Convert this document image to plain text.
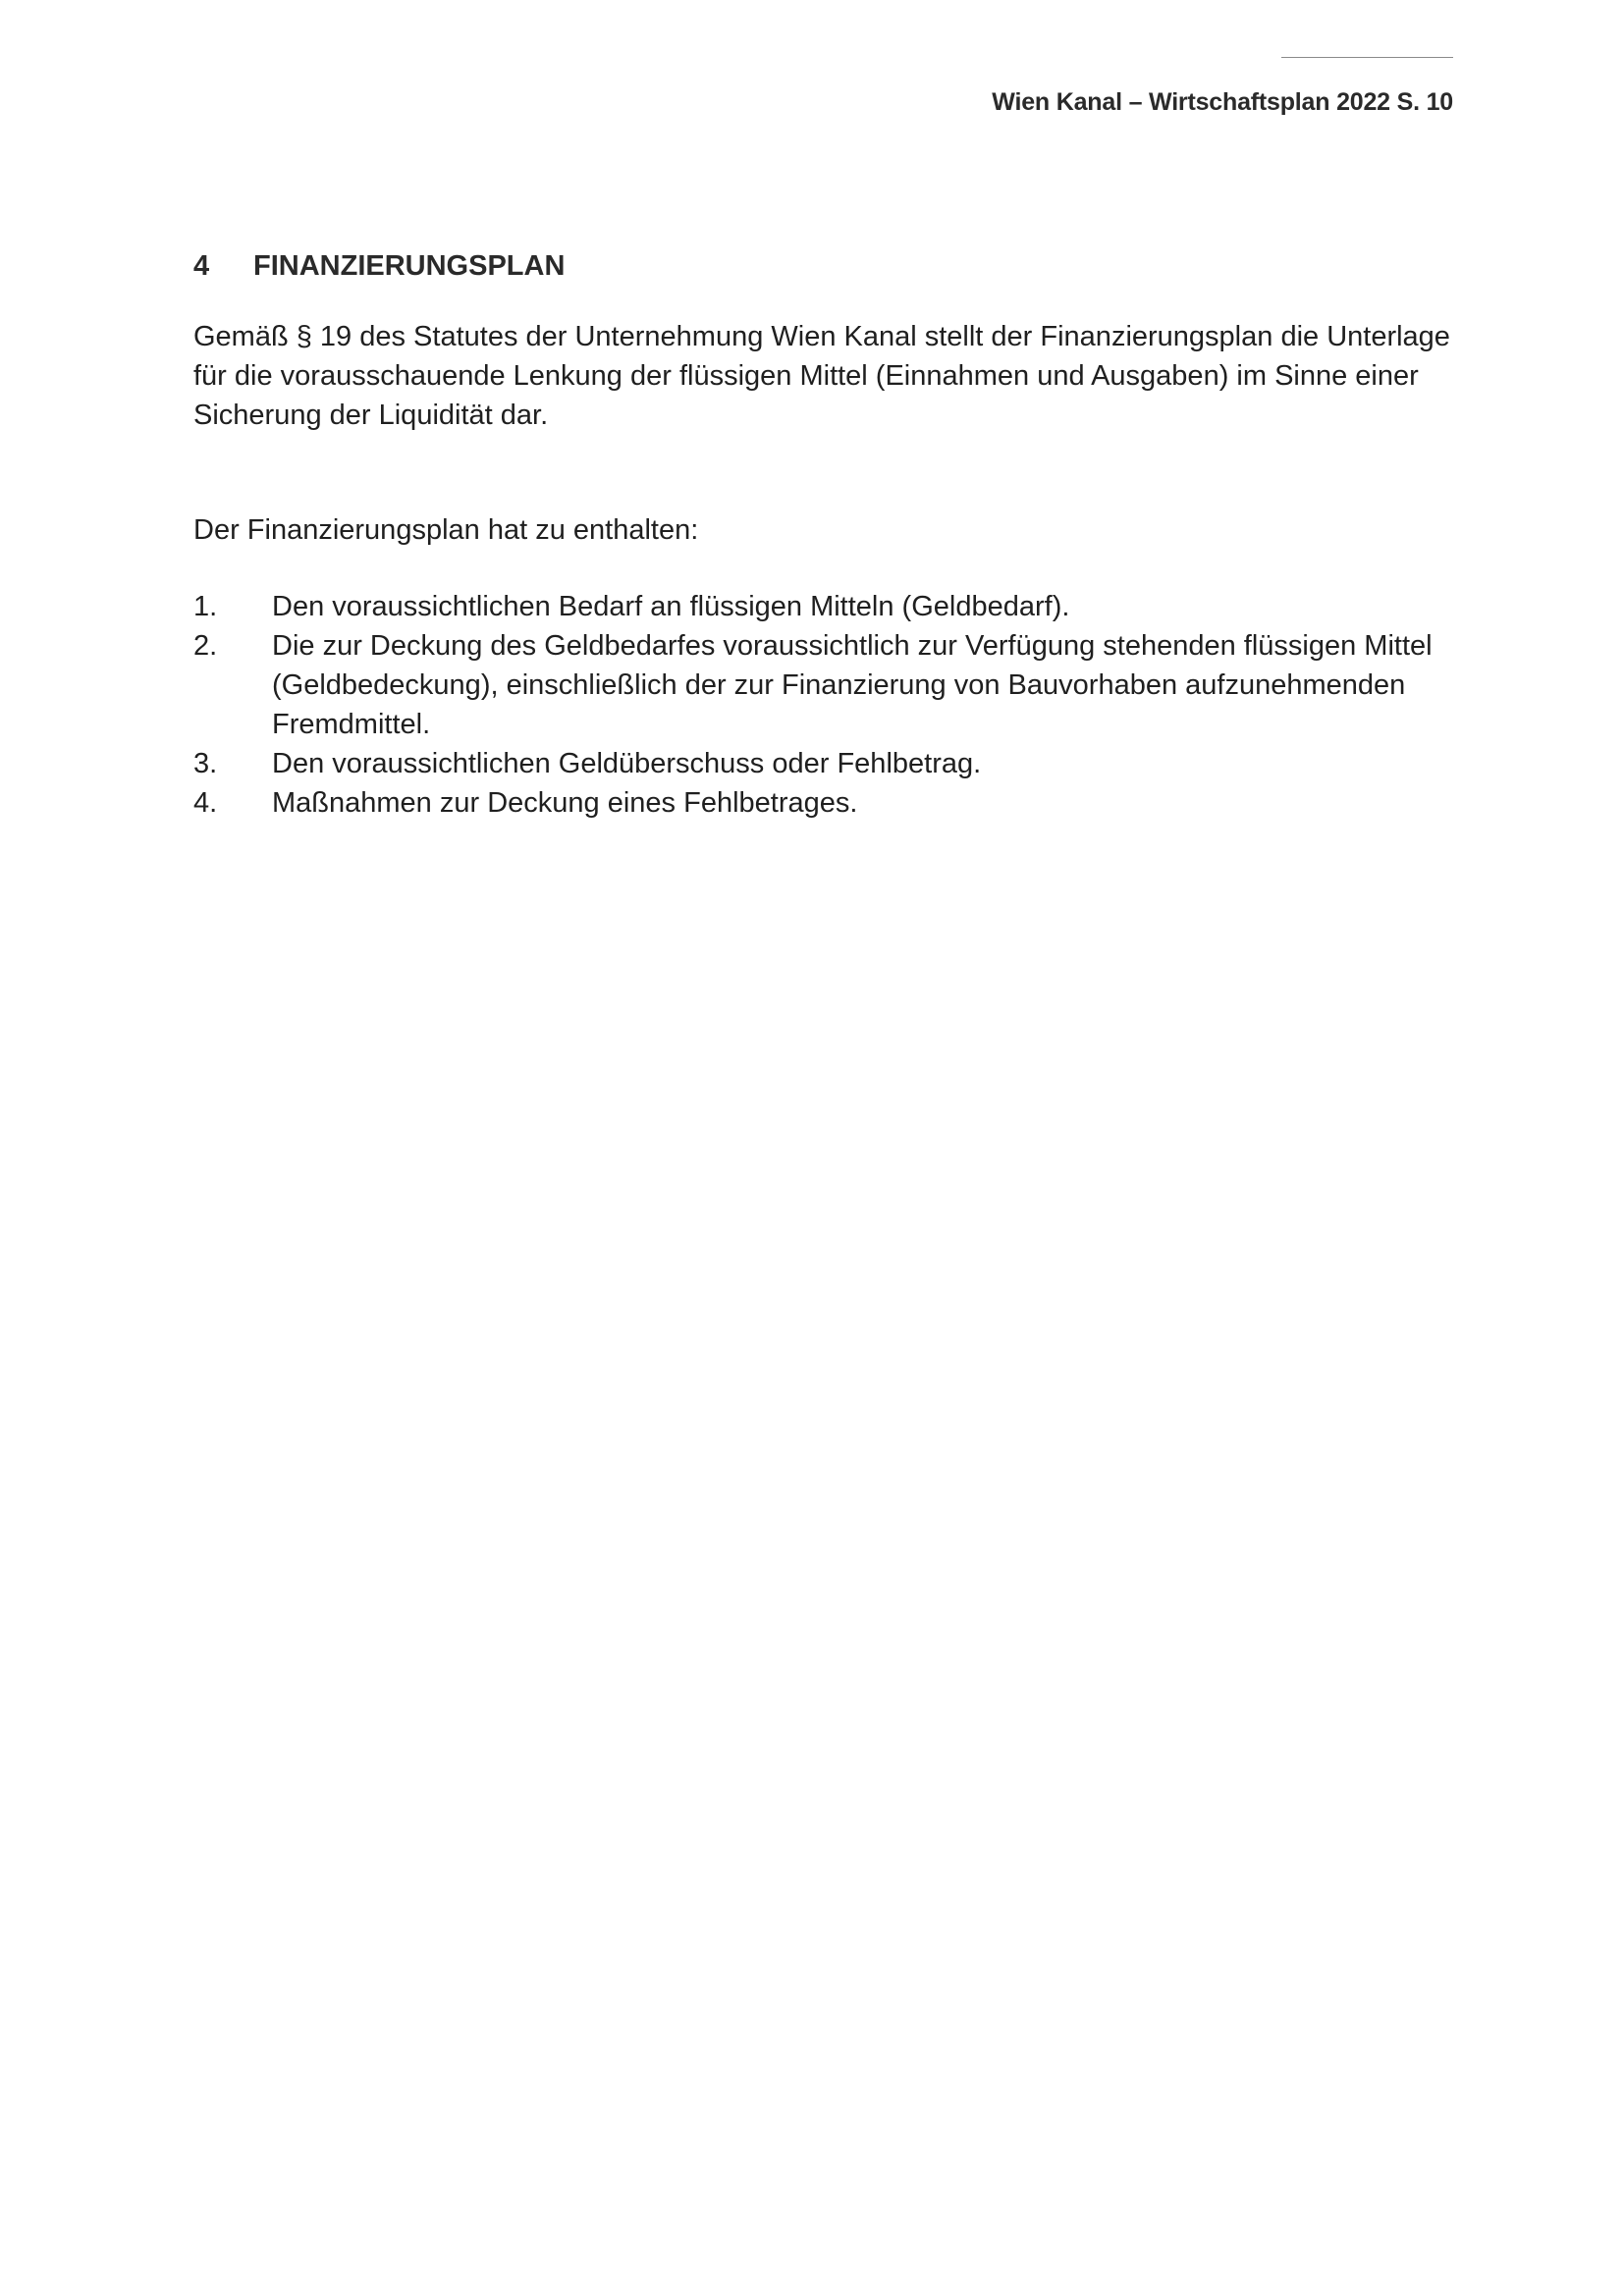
Wien Kanal – Wirtschaftsplan 2022 S. 10
4 FINANZIERUNGSPLAN

Gemäß § 19 des Statutes der Unternehmung Wien Kanal stellt der Finanzierungsplan die Unterlage für die vorausschauende Lenkung der flüssigen Mittel (Einnahmen und Ausgaben) im Sinne einer Sicherung der Liquidität dar.

Der Finanzierungsplan hat zu enthalten:

1.	Den voraussichtlichen Bedarf an flüssigen Mitteln (Geldbedarf).
2.	Die zur Deckung des Geldbedarfes voraussichtlich zur Verfügung stehenden flüssigen Mittel (Geldbedeckung), einschließlich der zur Finanzierung von Bauvorhaben aufzunehmenden Fremdmittel.
3.	Den voraussichtlichen Geldüberschuss oder Fehlbetrag.
4.	Maßnahmen zur Deckung eines Fehlbetrages.
